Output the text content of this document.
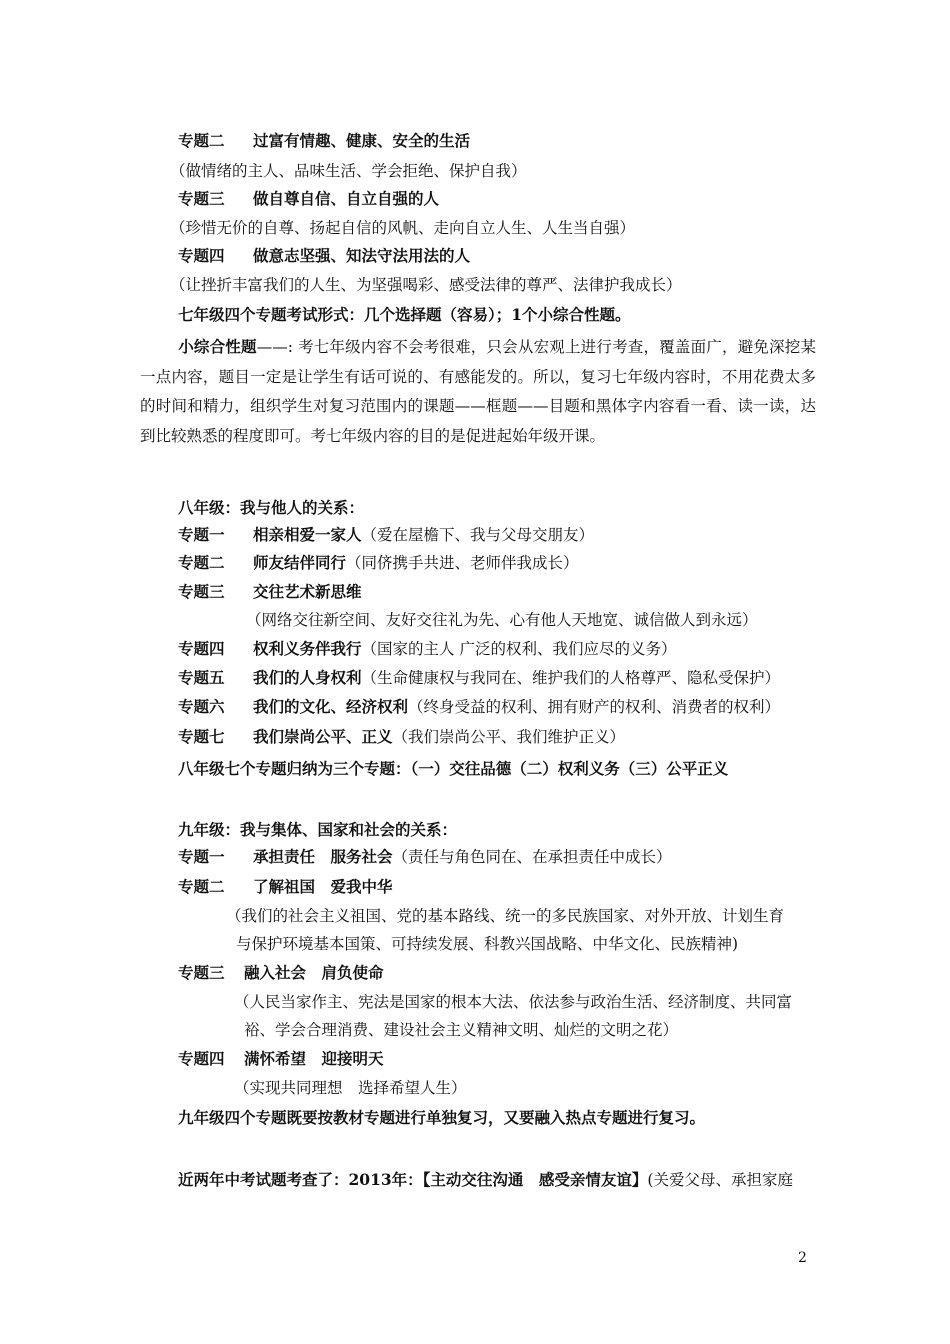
专题二 过富有情趣、健康、安全的生活
（做情绪的主人、品味生活、学会拒绝、保护自我）
专题三 做自尊自信、自立自强的人
（珍惜无价的自尊、扬起自信的风帆、走向自立人生、人生当自强）
专题四 做意志坚强、知法守法用法的人
（让挫折丰富我们的人生、为坚强喝彩、感受法律的尊严、法律护我成长）
七年级四个专题考试形式：几个选择题（容易）；1个小综合性题。
小综合性题——: 考七年级内容不会考很难，只会从宏观上进行考查，覆盖面广，避免深挖某一点内容，题目一定是让学生有话可说的、有感能发的。所以，复习七年级内容时，不用花费太多的时间和精力，组织学生对复习范围内的课题——框题——目题和黑体字内容看一看、读一读，达到比较熟悉的程度即可。考七年级内容的目的是促进起始年级开课。
八年级：我与他人的关系：
专题一 相亲相爱一家人（爱在屋檐下、我与父母交朋友）
专题二 师友结伴同行（同侪携手共进、老师伴我成长）
专题三 交往艺术新思维
（网络交往新空间、友好交往礼为先、心有他人天地宽、诚信做人到永远）
专题四 权利义务伴我行（国家的主人 广泛的权利、我们应尽的义务）
专题五 我们的人身权利（生命健康权与我同在、维护我们的人格尊严、隐私受保护）
专题六 我们的文化、经济权利（终身受益的权利、拥有财产的权利、消费者的权利）
专题七 我们崇尚公平、正义（我们崇尚公平、我们维护正义）
八年级七个专题归纳为三个专题：（一）交往品德（二）权利义务（三）公平正义
九年级：我与集体、国家和社会的关系：
专题一 承担责任　服务社会（责任与角色同在、在承担责任中成长）
专题二 了解祖国　爱我中华
（我们的社会主义祖国、党的基本路线、统一的多民族国家、对外开放、计划生育
与保护环境基本国策、可持续发展、科教兴国战略、中华文化、民族精神)
专题三 融入社会　肩负使命
（人民当家作主、宪法是国家的根本大法、依法参与政治生活、经济制度、共同富
裕、学会合理消费、建设社会主义精神文明、灿烂的文明之花）
专题四 满怀希望　迎接明天
（实现共同理想　选择希望人生）
九年级四个专题既要按教材专题进行单独复习，又要融入热点专题进行复习。
近两年中考试题考查了：2013年：【主动交往沟通　感受亲情友谊】(关爱父母、承担家庭
2
